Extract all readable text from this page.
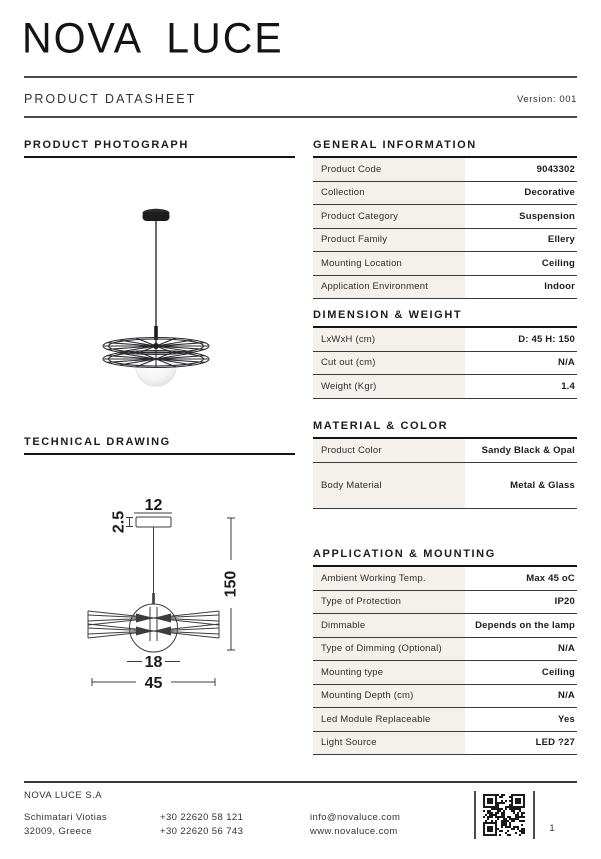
NOVA LUCE
PRODUCT DATASHEET	Version: 001
PRODUCT PHOTOGRAPH
TECHNICAL DRAWING
12
2.5
150
18
45
GENERAL INFORMATION
Product Code	9043302
Collection	Decorative
Product Category	Suspension
Product Family	Ellery
Mounting Location	Ceiling
Application Environment	Indoor
DIMENSION & WEIGHT
LxWxH (cm)	D: 45 H: 150
Cut out (cm)	N/A
Weight (Kgr)	1.4
MATERIAL & COLOR
Product Color	Sandy Black & Opal
Body Material	Metal & Glass
APPLICATION & MOUNTING
Ambient Working Temp.	Max 45 oC
Type of Protection	IP20
Dimmable	Depends on the lamp
Type of Dimming (Optional)	N/A
Mounting type	Ceiling
Mounting Depth (cm)	N/A
Led Module Replaceable	Yes
Light Source	LED ?27
NOVA LUCE S.A
Schimatari Viotias
32009, Greece
+30 22620 58 121
+30 22620 56 743
info@novaluce.com
www.novaluce.com	1
